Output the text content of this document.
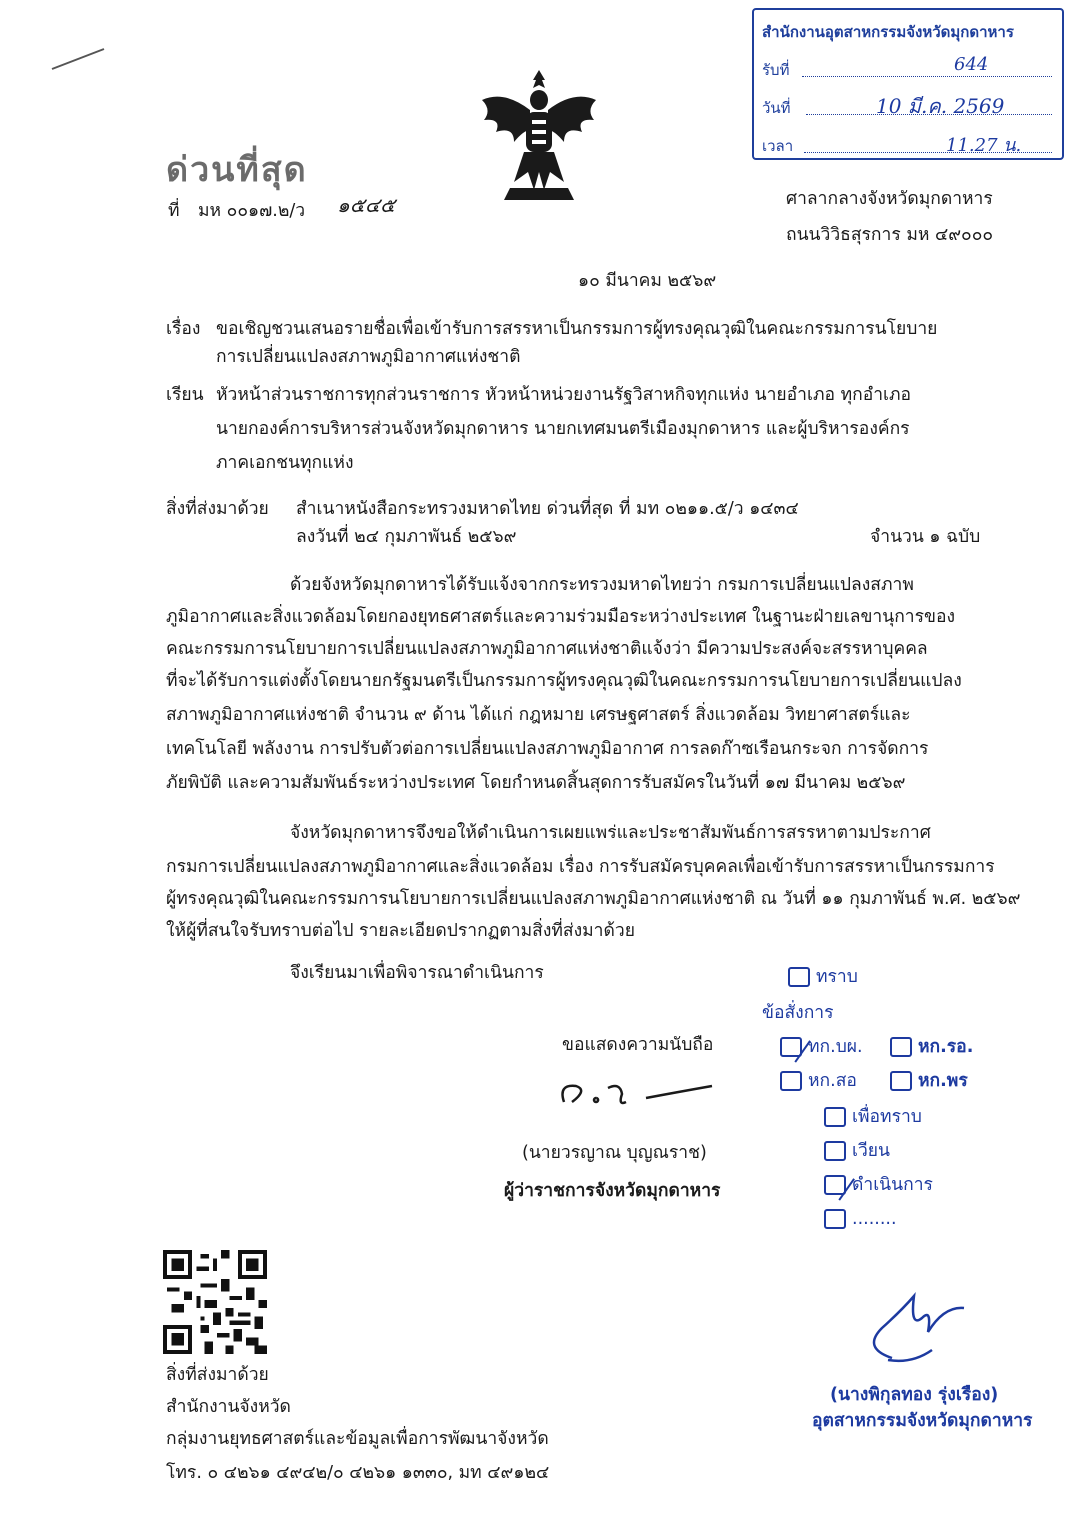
สำนักงานอุตสาหกรรมจังหวัดมุกดาหาร
รับที่	644
วันที่	10 มี.ค. 2569
เวลา	11.27 น.
ด่วนที่สุด
ที่ มห ๐๐๑๗.๒/ว ๑๕๔๕	ศาลากลางจังหวัดมุกดาหาร
ถนนวิวิธสุรการ มห ๔๙๐๐๐
๑๐ มีนาคม ๒๕๖๙
เรื่อง ขอเชิญชวนเสนอรายชื่อเพื่อเข้ารับการสรรหาเป็นกรรมการผู้ทรงคุณวุฒิในคณะกรรมการนโยบาย
การเปลี่ยนแปลงสภาพภูมิอากาศแห่งชาติ
เรียน หัวหน้าส่วนราชการทุกส่วนราชการ หัวหน้าหน่วยงานรัฐวิสาหกิจทุกแห่ง นายอำเภอ ทุกอำเภอ
นายกองค์การบริหารส่วนจังหวัดมุกดาหาร นายกเทศมนตรีเมืองมุกดาหาร และผู้บริหารองค์กร
ภาคเอกชนทุกแห่ง
สิ่งที่ส่งมาด้วย สำเนาหนังสือกระทรวงมหาดไทย ด่วนที่สุด ที่ มท ๐๒๑๑.๕/ว ๑๔๓๔
ลงวันที่ ๒๔ กุมภาพันธ์ ๒๕๖๙	จำนวน ๑ ฉบับ
ด้วยจังหวัดมุกดาหารได้รับแจ้งจากกระทรวงมหาดไทยว่า กรมการเปลี่ยนแปลงสภาพ
ภูมิอากาศและสิ่งแวดล้อมโดยกองยุทธศาสตร์และความร่วมมือระหว่างประเทศ ในฐานะฝ่ายเลขานุการของ
คณะกรรมการนโยบายการเปลี่ยนแปลงสภาพภูมิอากาศแห่งชาติแจ้งว่า มีความประสงค์จะสรรหาบุคคล
ที่จะได้รับการแต่งตั้งโดยนายกรัฐมนตรีเป็นกรรมการผู้ทรงคุณวุฒิในคณะกรรมการนโยบายการเปลี่ยนแปลง
สภาพภูมิอากาศแห่งชาติ จำนวน ๙ ด้าน ได้แก่ กฎหมาย เศรษฐศาสตร์ สิ่งแวดล้อม วิทยาศาสตร์และ
เทคโนโลยี พลังงาน การปรับตัวต่อการเปลี่ยนแปลงสภาพภูมิอากาศ การลดก๊าซเรือนกระจก การจัดการ
ภัยพิบัติ และความสัมพันธ์ระหว่างประเทศ โดยกำหนดสิ้นสุดการรับสมัครในวันที่ ๑๗ มีนาคม ๒๕๖๙
จังหวัดมุกดาหารจึงขอให้ดำเนินการเผยแพร่และประชาสัมพันธ์การสรรหาตามประกาศ
กรมการเปลี่ยนแปลงสภาพภูมิอากาศและสิ่งแวดล้อม เรื่อง การรับสมัครบุคคลเพื่อเข้ารับการสรรหาเป็นกรรมการ
ผู้ทรงคุณวุฒิในคณะกรรมการนโยบายการเปลี่ยนแปลงสภาพภูมิอากาศแห่งชาติ ณ วันที่ ๑๑ กุมภาพันธ์ พ.ศ. ๒๕๖๙
ให้ผู้ที่สนใจรับทราบต่อไป รายละเอียดปรากฏตามสิ่งที่ส่งมาด้วย
จึงเรียนมาเพื่อพิจารณาดำเนินการ
ขอแสดงความนับถือ
(นายวรญาณ บุญณราช)
ผู้ว่าราชการจังหวัดมุกดาหาร
ทราบ
ข้อสั่งการ
ทก.บผ.	หก.รอ.
หก.สอ	หก.พร
เพื่อทราบ
เวียน
ดำเนินการ
........
(นางพิกุลทอง รุ่งเรือง)
อุตสาหกรรมจังหวัดมุกดาหาร
สิ่งที่ส่งมาด้วย
สำนักงานจังหวัด
กลุ่มงานยุทธศาสตร์และข้อมูลเพื่อการพัฒนาจังหวัด
โทร. ๐ ๔๒๖๑ ๔๙๔๒/๐ ๔๒๖๑ ๑๓๓๐, มท ๔๙๑๒๔
